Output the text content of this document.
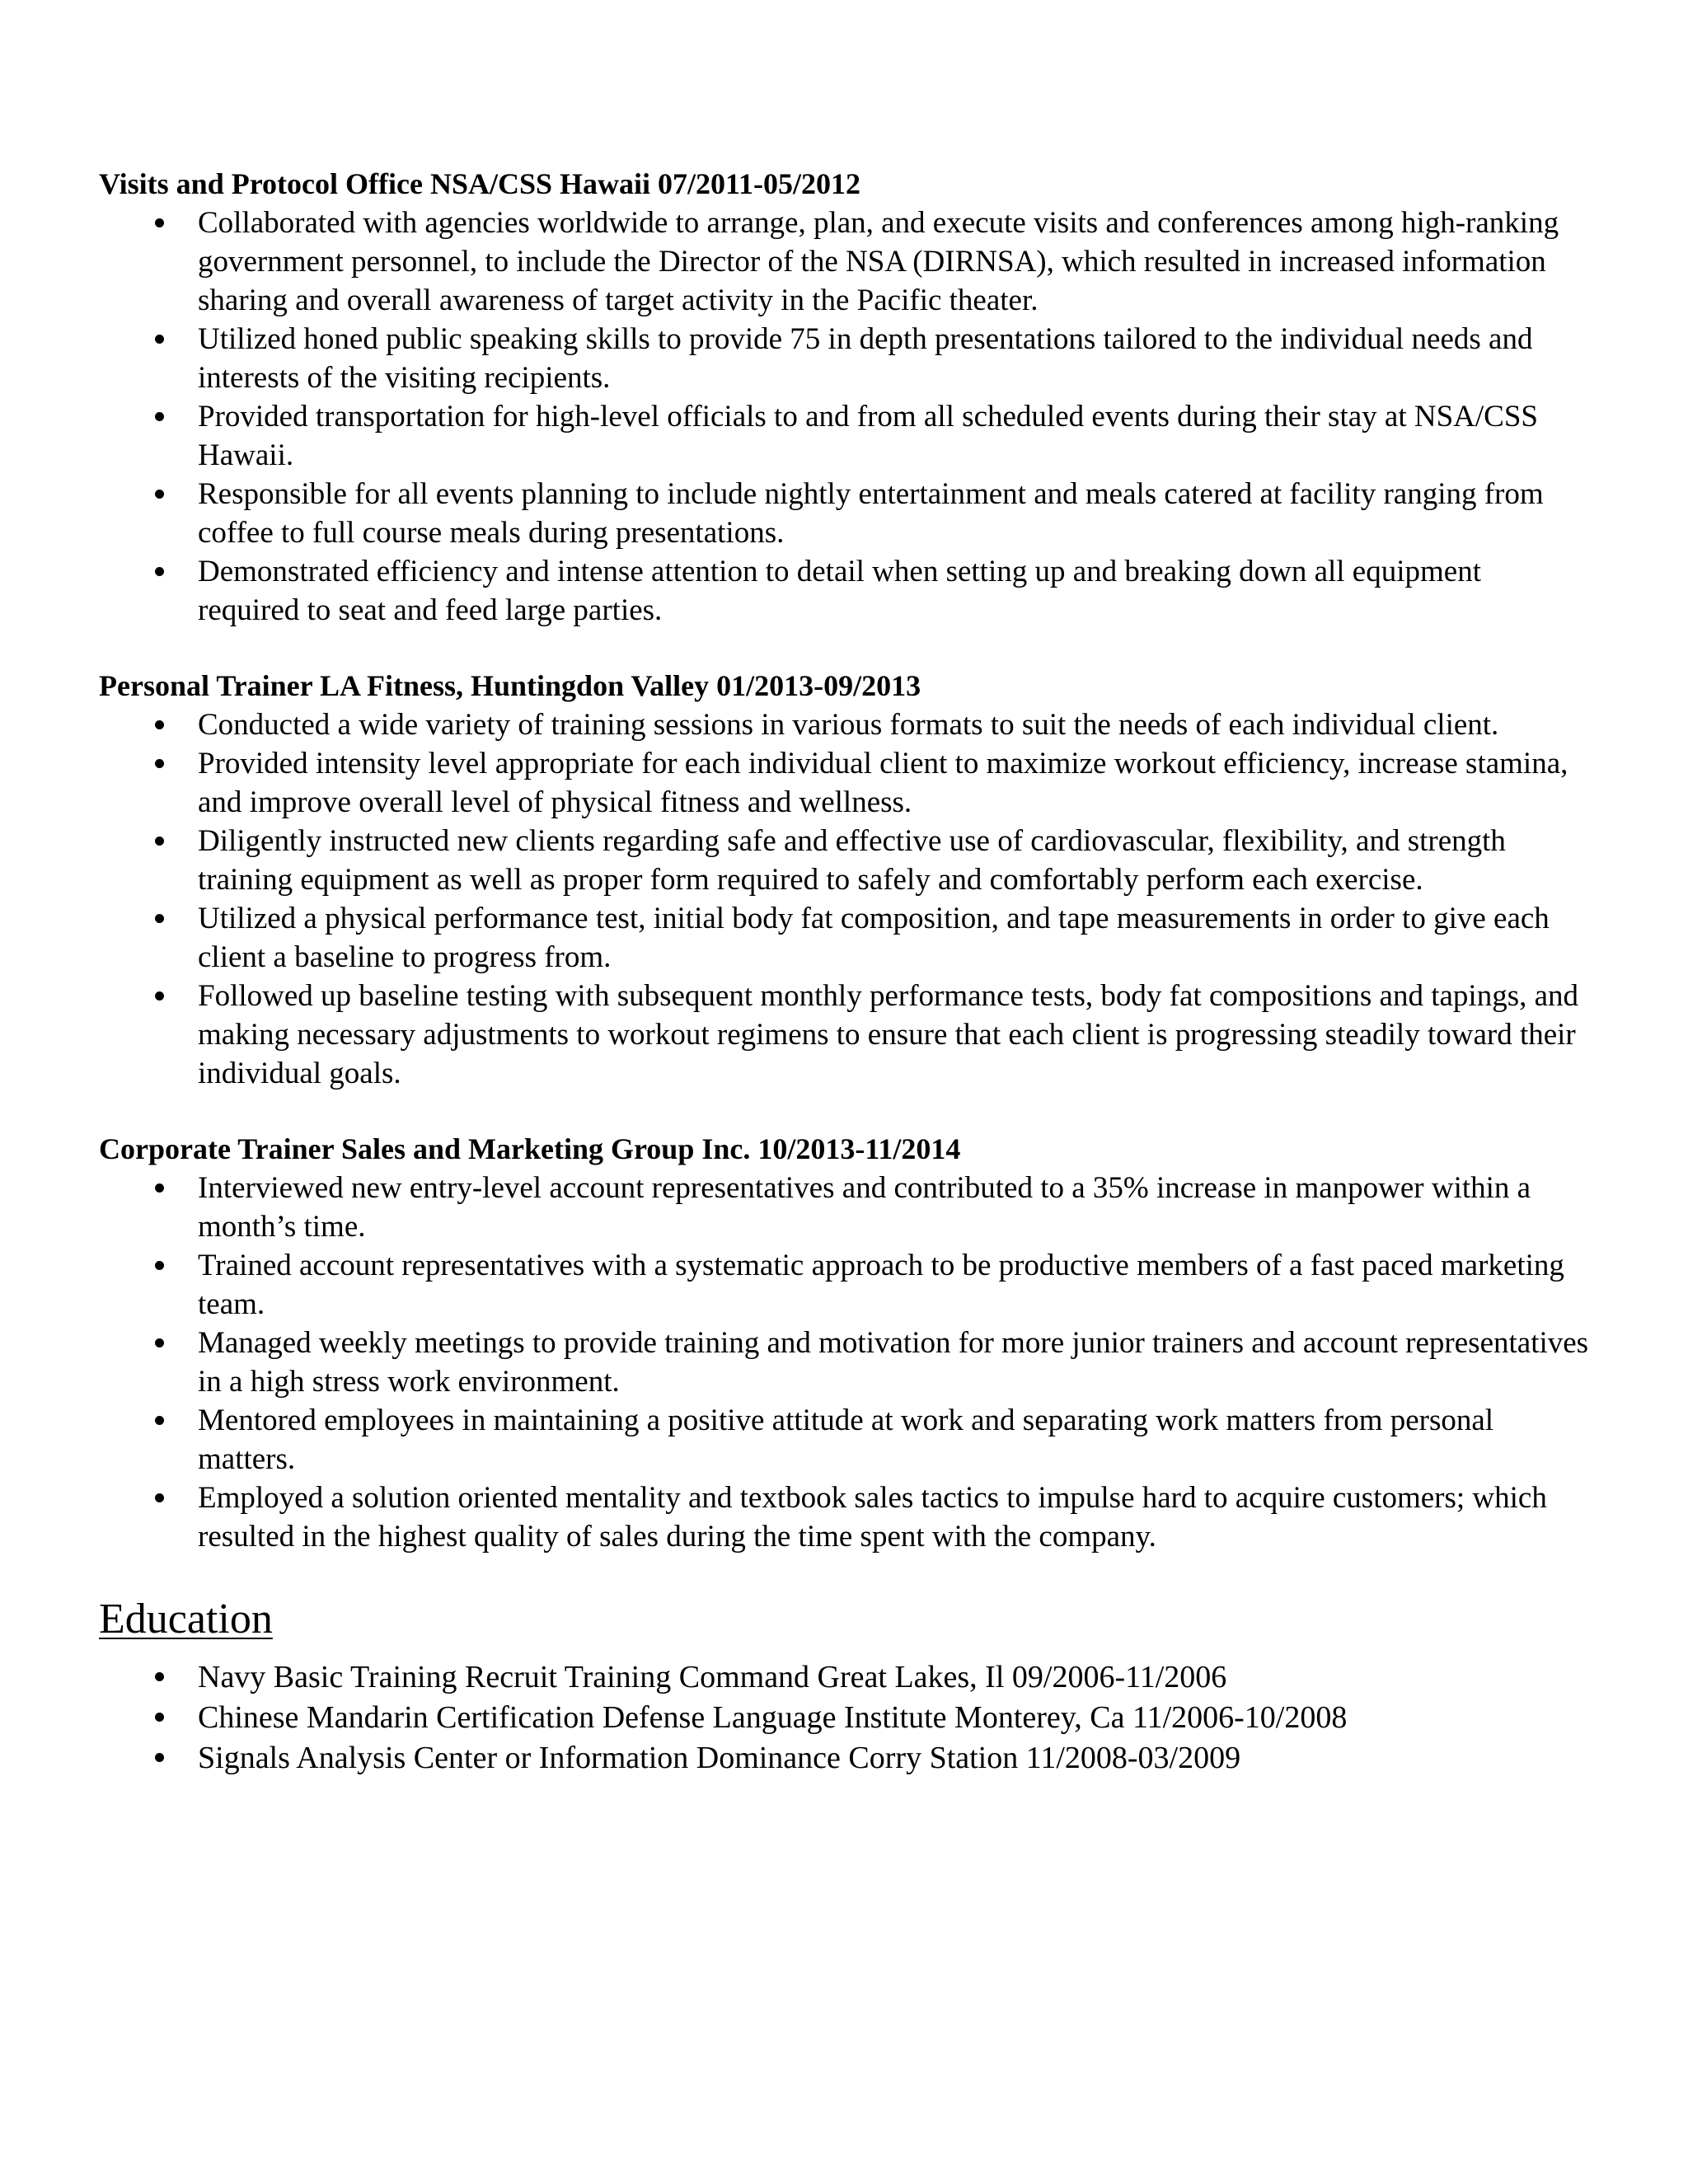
Visits and Protocol Office NSA/CSS Hawaii 07/2011-05/2012

Collaborated with agencies worldwide to arrange, plan, and execute visits and conferences among high-ranking government personnel, to include the Director of the NSA (DIRNSA), which resulted in increased information sharing and overall awareness of target activity in the Pacific theater.
Utilized honed public speaking skills to provide 75 in depth presentations tailored to the individual needs and interests of the visiting recipients.
Provided transportation for high-level officials to and from all scheduled events during their stay at NSA/CSS Hawaii.
Responsible for all events planning to include nightly entertainment and meals catered at facility ranging from coffee to full course meals during presentations.
Demonstrated efficiency and intense attention to detail when setting up and breaking down all equipment required to seat and feed large parties.

Personal Trainer LA Fitness, Huntingdon Valley 01/2013-09/2013

Conducted a wide variety of training sessions in various formats to suit the needs of each individual client.
Provided intensity level appropriate for each individual client to maximize workout efficiency, increase stamina, and improve overall level of physical fitness and wellness.
Diligently instructed new clients regarding safe and effective use of cardiovascular, flexibility, and strength training equipment as well as proper form required to safely and comfortably perform each exercise.
Utilized a physical performance test, initial body fat composition, and tape measurements in order to give each client a baseline to progress from.
Followed up baseline testing with subsequent monthly performance tests, body fat compositions and tapings, and making necessary adjustments to workout regimens to ensure that each client is progressing steadily toward their individual goals.

Corporate Trainer Sales and Marketing Group Inc. 10/2013-11/2014

Interviewed new entry-level account representatives and contributed to a 35% increase in manpower within a month’s time.
Trained account representatives with a systematic approach to be productive members of a fast paced marketing team.
Managed weekly meetings to provide training and motivation for more junior trainers and account representatives in a high stress work environment.
Mentored employees in maintaining a positive attitude at work and separating work matters from personal matters.
Employed a solution oriented mentality and textbook sales tactics to impulse hard to acquire customers; which resulted in the highest quality of sales during the time spent with the company.
Education
Navy Basic Training Recruit Training Command Great Lakes, Il 09/2006-11/2006
Chinese Mandarin Certification Defense Language Institute Monterey, Ca 11/2006-10/2008
Signals Analysis Center or Information Dominance Corry Station 11/2008-03/2009
